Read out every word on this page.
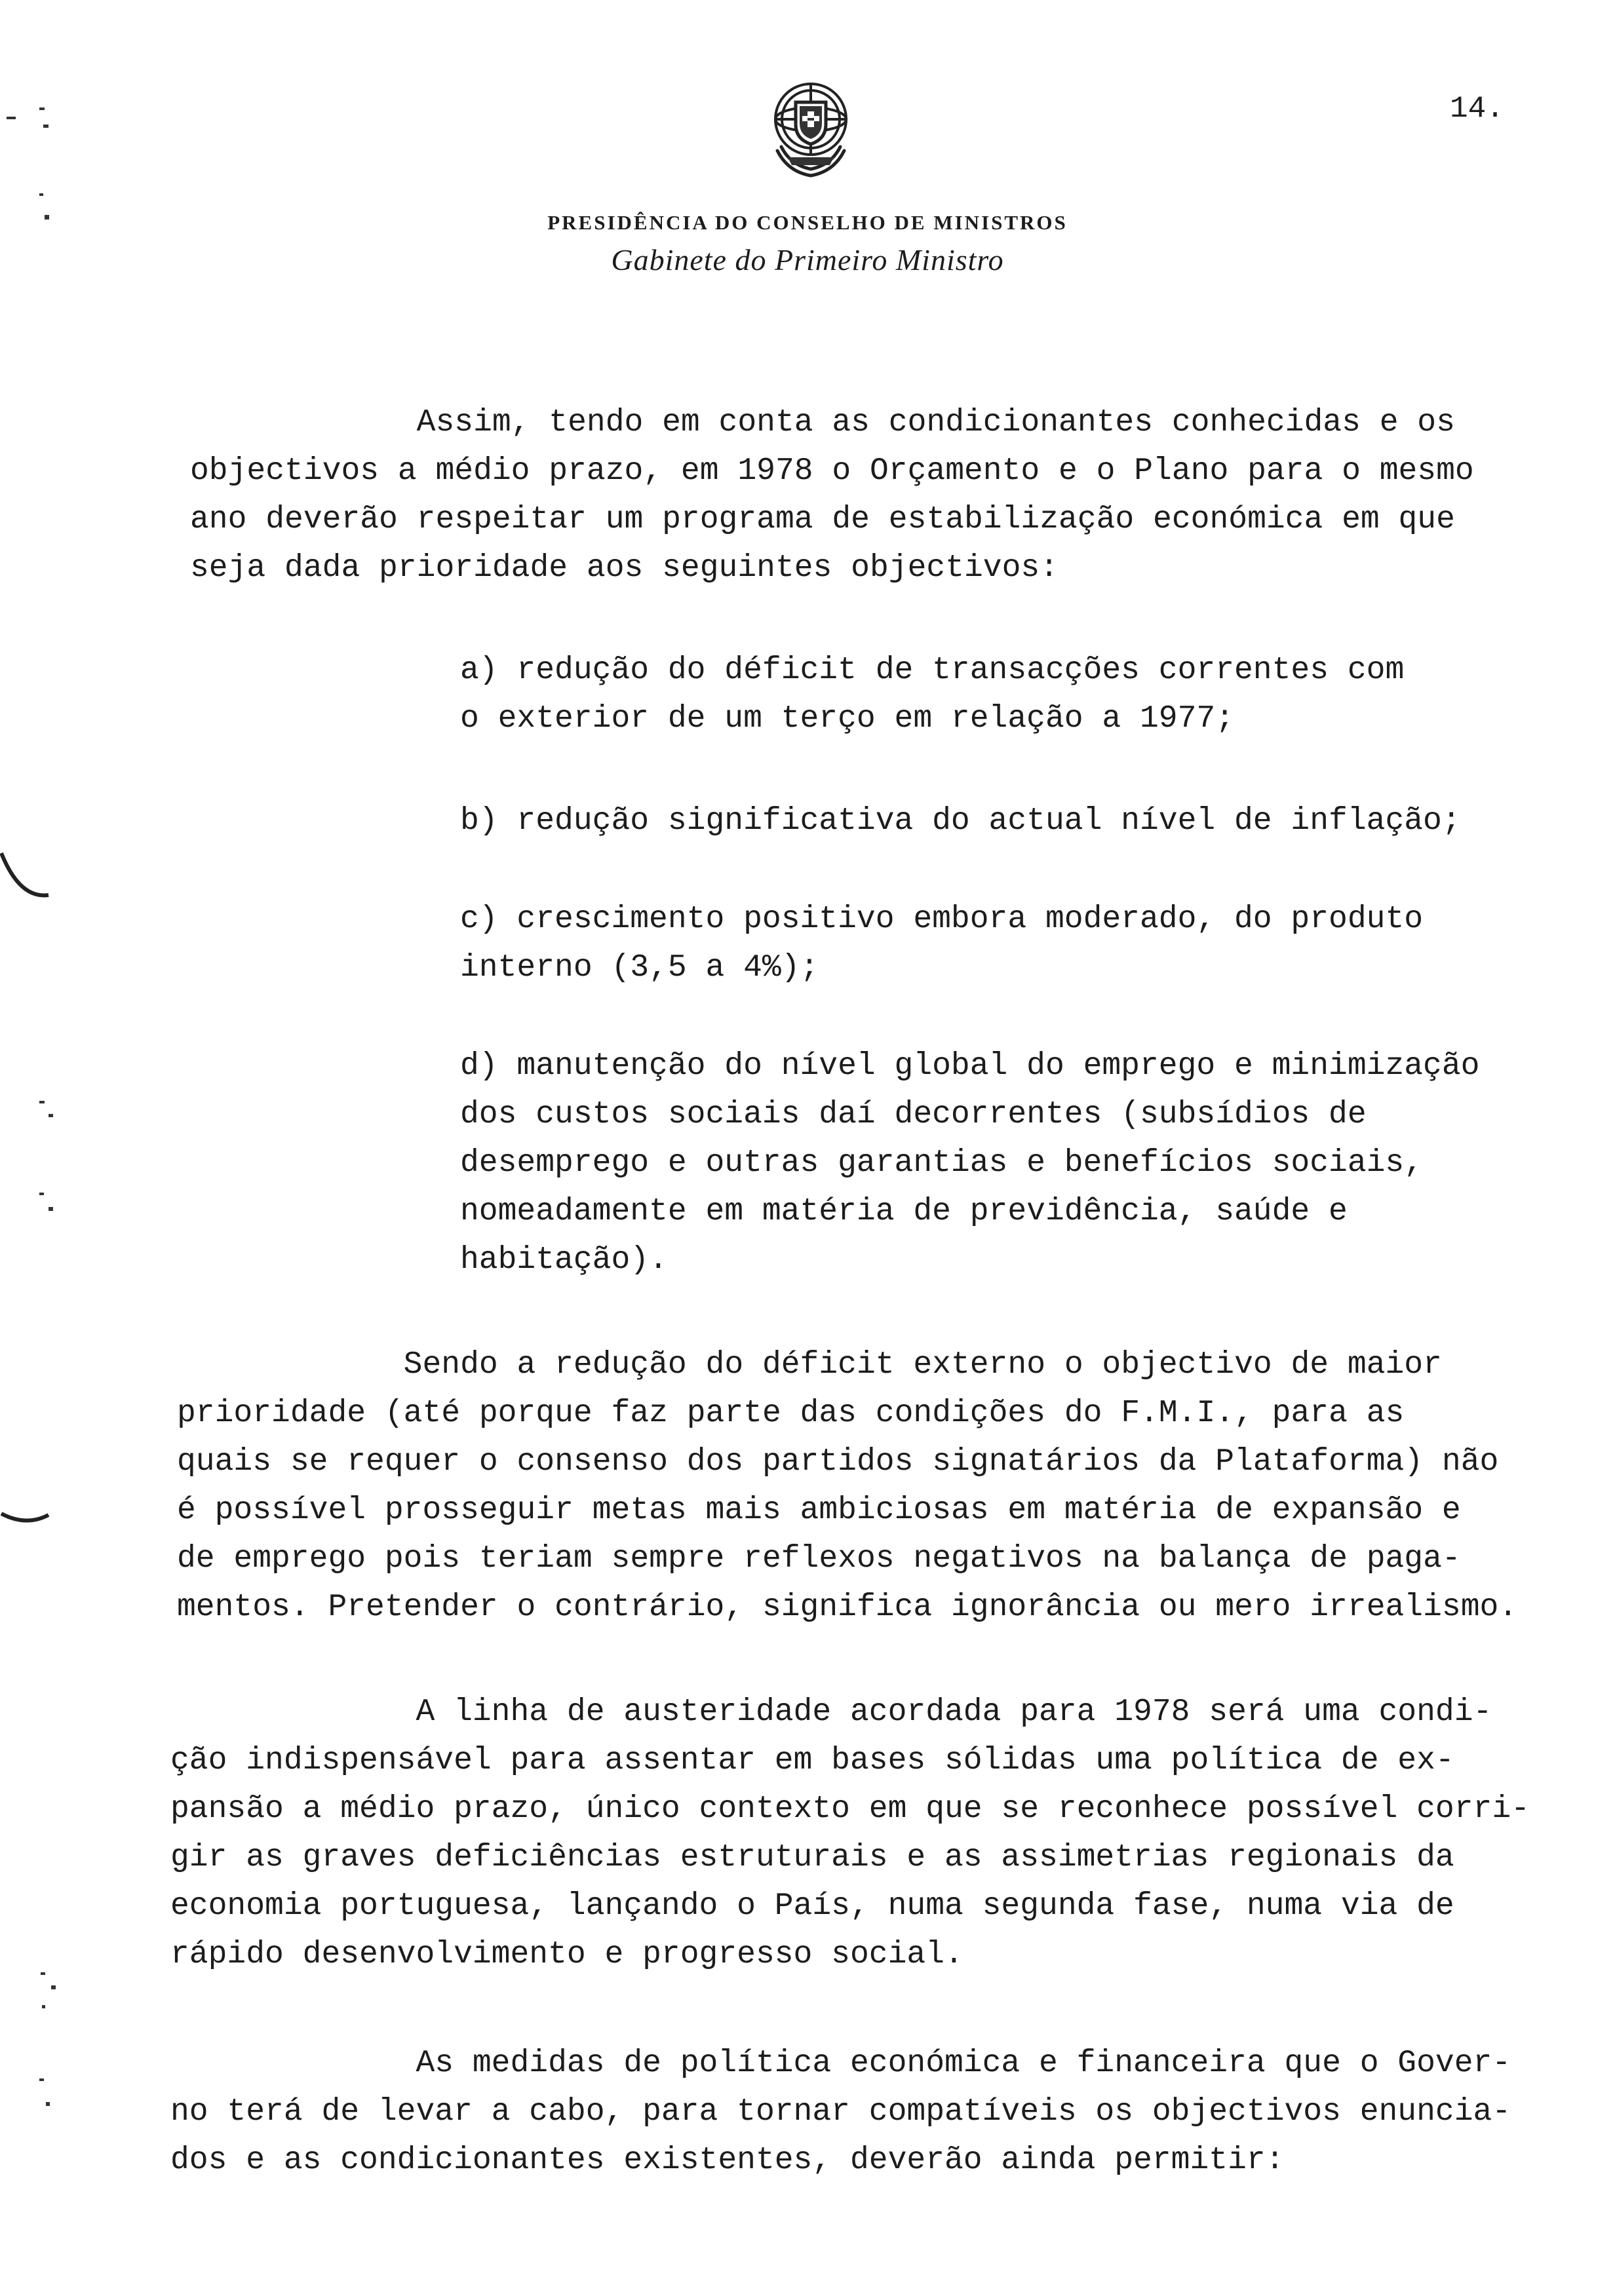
14.
PRESIDÊNCIA DO CONSELHO DE MINISTROS
Gabinete do Primeiro Ministro

Assim, tendo em conta as condicionantes conhecidas e os
objectivos a médio prazo, em 1978 o Orçamento e o Plano para o mesmo
ano deverão respeitar um programa de estabilização económica em que
seja dada prioridade aos seguintes objectivos:

a) redução do déficit de transacções correntes com
o exterior de um terço em relação a 1977;
b) redução significativa do actual nível de inflação;
c) crescimento positivo embora moderado, do produto
interno (3,5 a 4%);
d) manutenção do nível global do emprego e minimização
dos custos sociais daí decorrentes (subsídios de
desemprego e outras garantias e benefícios sociais,
nomeadamente em matéria de previdência, saúde e
habitação).

Sendo a redução do déficit externo o objectivo de maior
prioridade (até porque faz parte das condições do F.M.I., para as
quais se requer o consenso dos partidos signatários da Plataforma) não
é possível prosseguir metas mais ambiciosas em matéria de expansão e
de emprego pois teriam sempre reflexos negativos na balança de paga-
mentos. Pretender o contrário, significa ignorância ou mero irrealismo.

A linha de austeridade acordada para 1978 será uma condi-
ção indispensável para assentar em bases sólidas uma política de ex-
pansão a médio prazo, único contexto em que se reconhece possível corri-
gir as graves deficiências estruturais e as assimetrias regionais da
economia portuguesa, lançando o País, numa segunda fase, numa via de
rápido desenvolvimento e progresso social.

As medidas de política económica e financeira que o Gover-
no terá de levar a cabo, para tornar compatíveis os objectivos enuncia-
dos e as condicionantes existentes, deverão ainda permitir:
